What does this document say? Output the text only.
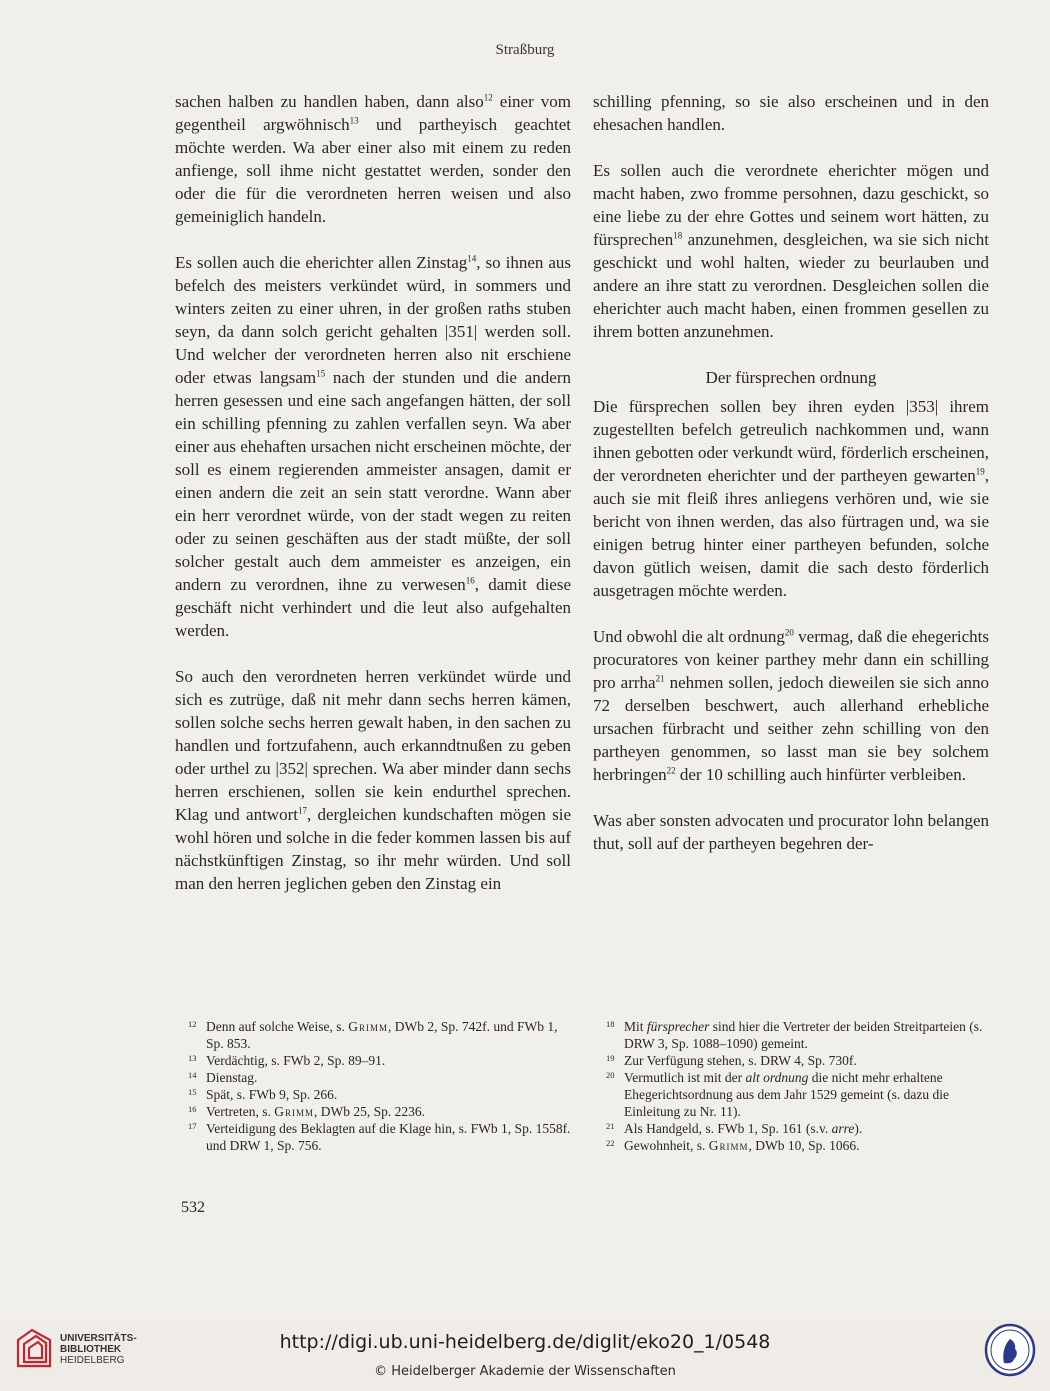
Straßburg

sachen halben zu handlen haben, dann also$^{12}$ einer vom gegentheil argwöhnisch$^{13}$ und partheyisch geachtet möchte werden. Wa aber einer also mit einem zu reden anfienge, soll ihme nicht gestattet werden, sonder den oder die für die verordneten herren weisen und also gemeiniglich handeln.

Es sollen auch die eherichter allen Zinstag$^{14}$, so ihnen aus befelch des meisters verkündet würd, in sommers und winters zeiten zu einer uhren, in der großen raths stuben seyn, da dann solch gericht gehalten |351| werden soll. Und welcher der verordneten herren also nit erschiene oder etwas langsam$^{15}$ nach der stunden und die andern herren gesessen und eine sach angefangen hätten, der soll ein schilling pfenning zu zahlen verfallen seyn. Wa aber einer aus ehehaften ursachen nicht erscheinen möchte, der soll es einem regierenden ammeister ansagen, damit er einen andern die zeit an sein statt verordne. Wann aber ein herr verordnet würde, von der stadt wegen zu reiten oder zu seinen geschäften aus der stadt müßte, der soll solcher gestalt auch dem ammeister es anzeigen, ein andern zu verordnen, ihne zu verwesen$^{16}$, damit diese geschäft nicht verhindert und die leut also aufgehalten werden.

So auch den verordneten herren verkündet würde und sich es zutrüge, daß nit mehr dann sechs herren kämen, sollen solche sechs herren gewalt haben, in den sachen zu handlen und fortzufahenn, auch erkanndtnußen zu geben oder urthel zu |352| sprechen. Wa aber minder dann sechs herren erschienen, sollen sie kein endurthel sprechen. Klag und antwort$^{17}$, dergleichen kundschaften mögen sie wohl hören und solche in die feder kommen lassen bis auf nächstkünftigen Zinstag, so ihr mehr würden. Und soll man den herren jeglichen geben den Zinstag ein

schilling pfenning, so sie also erscheinen und in den ehesachen handlen.

Es sollen auch die verordnete eherichter mögen und macht haben, zwo fromme persohnen, dazu geschickt, so eine liebe zu der ehre Gottes und seinem wort hätten, zu fürsprechen$^{18}$ anzunehmen, desgleichen, wa sie sich nicht geschickt und wohl halten, wieder zu beurlauben und andere an ihre statt zu verordnen. Desgleichen sollen die eherichter auch macht haben, einen frommen gesellen zu ihrem botten anzunehmen.

Der fürsprechen ordnung

Die fürsprechen sollen bey ihren eyden |353| ihrem zugestellten befelch getreulich nachkommen und, wann ihnen gebotten oder verkundt würd, förderlich erscheinen, der verordneten eherichter und der partheyen gewarten$^{19}$, auch sie mit fleiß ihres anliegens verhören und, wie sie bericht von ihnen werden, das also fürtragen und, wa sie einigen betrug hinter einer partheyen befunden, solche davon gütlich weisen, damit die sach desto förderlich ausgetragen möchte werden.

Und obwohl die alt ordnung$^{20}$ vermag, daß die ehegerichts procuratores von keiner parthey mehr dann ein schilling pro arrha$^{21}$ nehmen sollen, jedoch dieweilen sie sich anno 72 derselben beschwert, auch allerhand erhebliche ursachen fürbracht und seither zehn schilling von den partheyen genommen, so lasst man sie bey solchem herbringen$^{22}$ der 10 schilling auch hinfürter verbleiben.

Was aber sonsten advocaten und procurator lohn belangen thut, soll auf der partheyen begehren der-

12 Denn auf solche Weise, s. Grimm, DWb 2, Sp. 742f. und FWb 1, Sp. 853.
13 Verdächtig, s. FWb 2, Sp. 89–91.
14 Dienstag.
15 Spät, s. FWb 9, Sp. 266.
16 Vertreten, s. Grimm, DWb 25, Sp. 2236.
17 Verteidigung des Beklagten auf die Klage hin, s. FWb 1, Sp. 1558f. und DRW 1, Sp. 756.
18 Mit fürsprecher sind hier die Vertreter der beiden Streitparteien (s. DRW 3, Sp. 1088–1090) gemeint.
19 Zur Verfügung stehen, s. DRW 4, Sp. 730f.
20 Vermutlich ist mit der alt ordnung die nicht mehr erhaltene Ehegerichtsordnung aus dem Jahr 1529 gemeint (s. dazu die Einleitung zu Nr. 11).
21 Als Handgeld, s. FWb 1, Sp. 161 (s.v. arre).
22 Gewohnheit, s. Grimm, DWb 10, Sp. 1066.
532
UNIVERSITÄTS-
BIBLIOTHEK
HEIDELBERG
http://digi.ub.uni-heidelberg.de/diglit/eko20_1/0548
© Heidelberger Akademie der Wissenschaften
